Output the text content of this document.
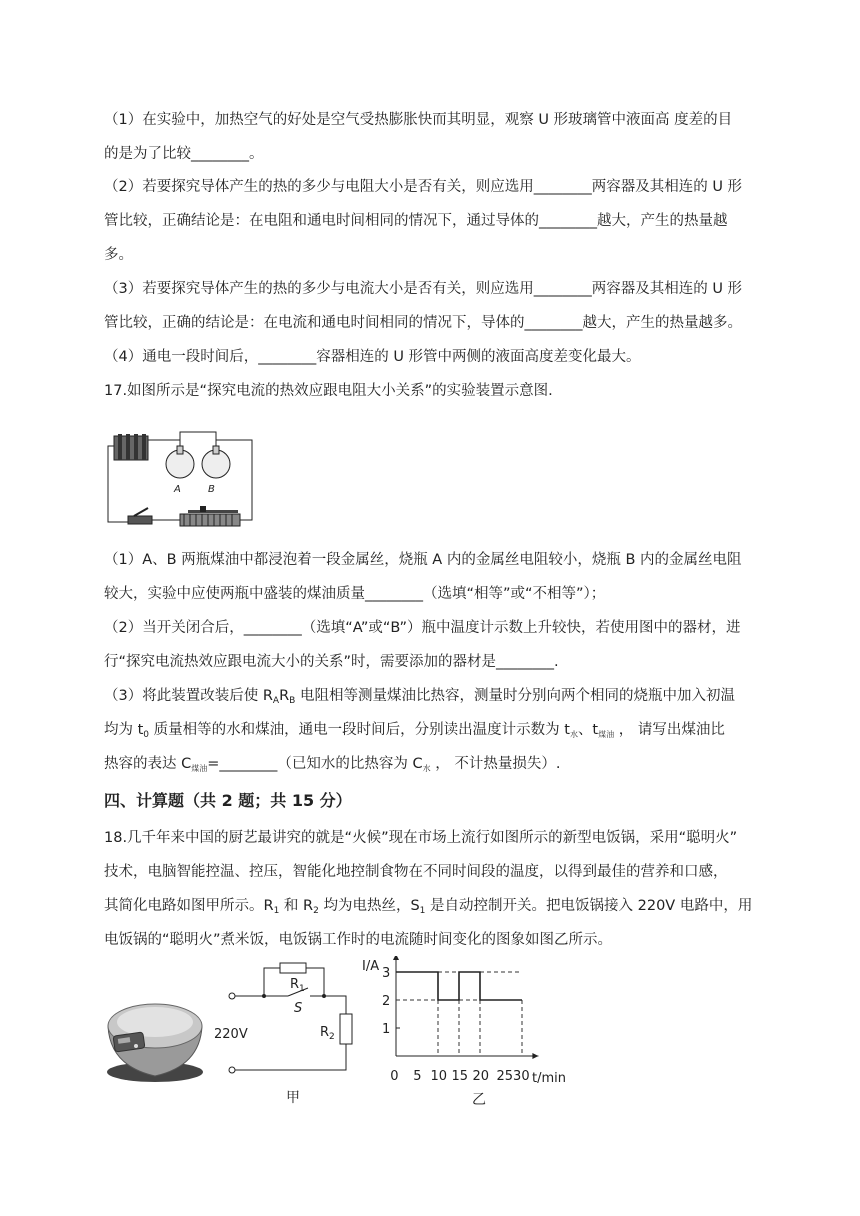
（1）在实验中，加热空气的好处是空气受热膨胀快而其明显，观察 U 形玻璃管中液面高 度差的目
的是为了比较________。
（2）若要探究导体产生的热的多少与电阻大小是否有关，则应选用________两容器及其相连的 U 形
管比较，正确结论是：在电阻和通电时间相同的情况下，通过导体的________越大，产生的热量越
多。
（3）若要探究导体产生的热的多少与电流大小是否有关，则应选用________两容器及其相连的 U 形
管比较，正确的结论是：在电流和通电时间相同的情况下，导体的________越大，产生的热量越多。
（4）通电一段时间后，________容器相连的 U 形管中两侧的液面高度差变化最大。
17.如图所示是“探究电流的热效应跟电阻大小关系”的实验装置示意图.
A	B
（1）A、B 两瓶煤油中都浸泡着一段金属丝，烧瓶 A 内的金属丝电阻较小，烧瓶 B 内的金属丝电阻
较大，实验中应使两瓶中盛装的煤油质量________（选填“相等”或“不相等”）；
（2）当开关闭合后，________（选填“A”或“B”）瓶中温度计示数上升较快，若使用图中的器材，进
行“探究电流热效应跟电流大小的关系”时，需要添加的器材是________.
（3）将此装置改装后使 $R_AR_B$ 电阻相等测量煤油比热容，测量时分别向两个相同的烧瓶中加入初温
均为 $t_0$ 质量相等的水和煤油，通电一段时间后，分别读出温度计示数为 $t_水$、$t_{煤油}$ ， 请写出煤油比
热容的表达 $C_{煤油}=\_\_\_\_\_\_\_\_$（已知水的比热容为 $C_水$ ， 不计热量损失）.
四、计算题（共 2 题；共 15 分）
18.几千年来中国的厨艺最讲究的就是“火候”现在市场上流行如图所示的新型电饭锅，采用“聪明火”
技术，电脑智能控温、控压，智能化地控制食物在不同时间段的温度，以得到最佳的营养和口感，
其简化电路如图甲所示。$R_1$ 和 $R_2$ 均为电热丝，$S_1$ 是自动控制开关。把电饭锅接入 220V 电路中，用
电饭锅的“聪明火”煮米饭，电饭锅工作时的电流随时间变化的图象如图乙所示。
$R_1$
S
$R_2$
220V
甲
1
2
3
0 5 10 15 20 2530
I/A
t/min
乙
